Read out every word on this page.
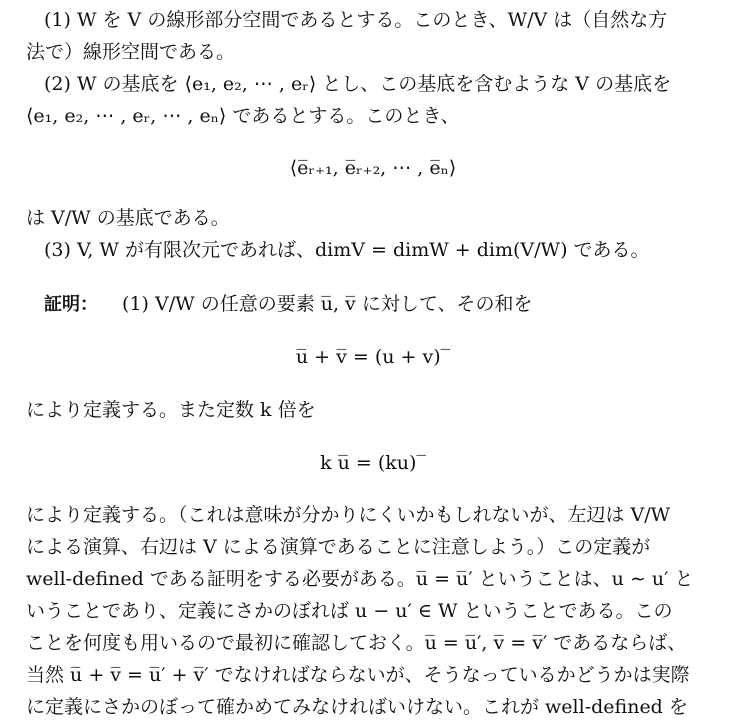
(1) W を V の線形部分空間であるとする。このとき、W/V は（自然な方
法で）線形空間である。
(2) W の基底を ⟨e₁, e₂, ⋯ , eᵣ⟩ とし、この基底を含むような V の基底を
⟨e₁, e₂, ⋯ , eᵣ, ⋯ , eₙ⟩ であるとする。このとき、
⟨e̅ᵣ₊₁, e̅ᵣ₊₂, ⋯ , e̅ₙ⟩
は V/W の基底である。
(3) V, W が有限次元であれば、dimV = dimW + dim(V/W) である。
証明： (1) V/W の任意の要素 u̅, v̅ に対して、その和を
u̅ + v̅ = (u + v)‾
により定義する。また定数 k 倍を
k u̅ = (ku)‾
により定義する。（これは意味が分かりにくいかもしれないが、左辺は V/W
による演算、右辺は V による演算であることに注意しよう。）この定義が
well-defined である証明をする必要がある。u̅ = u̅′ ということは、u ∼ u′ と
いうことであり、定義にさかのぼれば u − u′ ∈ W ということである。この
ことを何度も用いるので最初に確認しておく。u̅ = u̅′, v̅ = v̅′ であるならば、
当然 u̅ + v̅ = u̅′ + v̅′ でなければならないが、そうなっているかどうかは実際
に定義にさかのぼって確かめてみなければいけない。これが well-defined を
